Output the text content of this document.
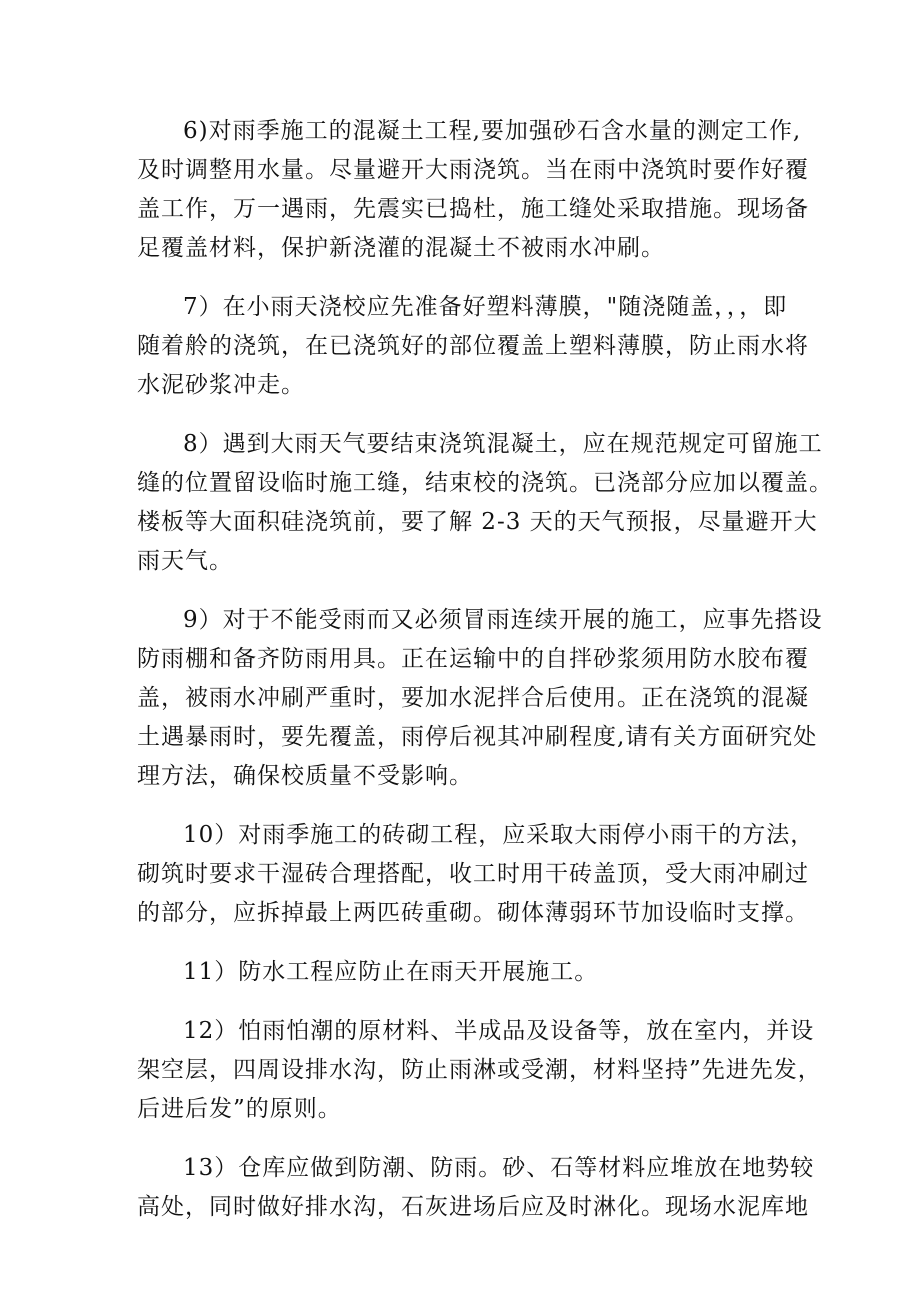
6)对雨季施工的混凝土工程,要加强砂石含水量的测定工作,
及时调整用水量。尽量避开大雨浇筑。当在雨中浇筑时要作好覆
盖工作，万一遇雨，先震实已捣杜，施工缝处采取措施。现场备
足覆盖材料，保护新浇灌的混凝土不被雨水冲刷。

7）在小雨天浇校应先准备好塑料薄膜，"随浇随盖，，，即
随着舲的浇筑，在已浇筑好的部位覆盖上塑料薄膜，防止雨水将
水泥砂浆冲走。

8）遇到大雨天气要结束浇筑混凝土，应在规范规定可留施工
缝的位置留设临时施工缝，结束校的浇筑。已浇部分应加以覆盖。
楼板等大面积硅浇筑前，要了解 2-3 天的天气预报，尽量避开大
雨天气。

9）对于不能受雨而又必须冒雨连续开展的施工，应事先搭设
防雨棚和备齐防雨用具。正在运输中的自拌砂浆须用防水胶布覆
盖，被雨水冲刷严重时，要加水泥拌合后使用。正在浇筑的混凝
土遇暴雨时，要先覆盖，雨停后视其冲刷程度,请有关方面研究处
理方法，确保校质量不受影响。

10）对雨季施工的砖砌工程，应采取大雨停小雨干的方法，
砌筑时要求干湿砖合理搭配，收工时用干砖盖顶，受大雨冲刷过
的部分，应拆掉最上两匹砖重砌。砌体薄弱环节加设临时支撑。

11）防水工程应防止在雨天开展施工。

12）怕雨怕潮的原材料、半成品及设备等，放在室内，并设
架空层，四周设排水沟，防止雨淋或受潮，材料坚持”先进先发，
后进后发”的原则。

13）仓库应做到防潮、防雨。砂、石等材料应堆放在地势较
高处，同时做好排水沟，石灰进场后应及时淋化。现场水泥库地
